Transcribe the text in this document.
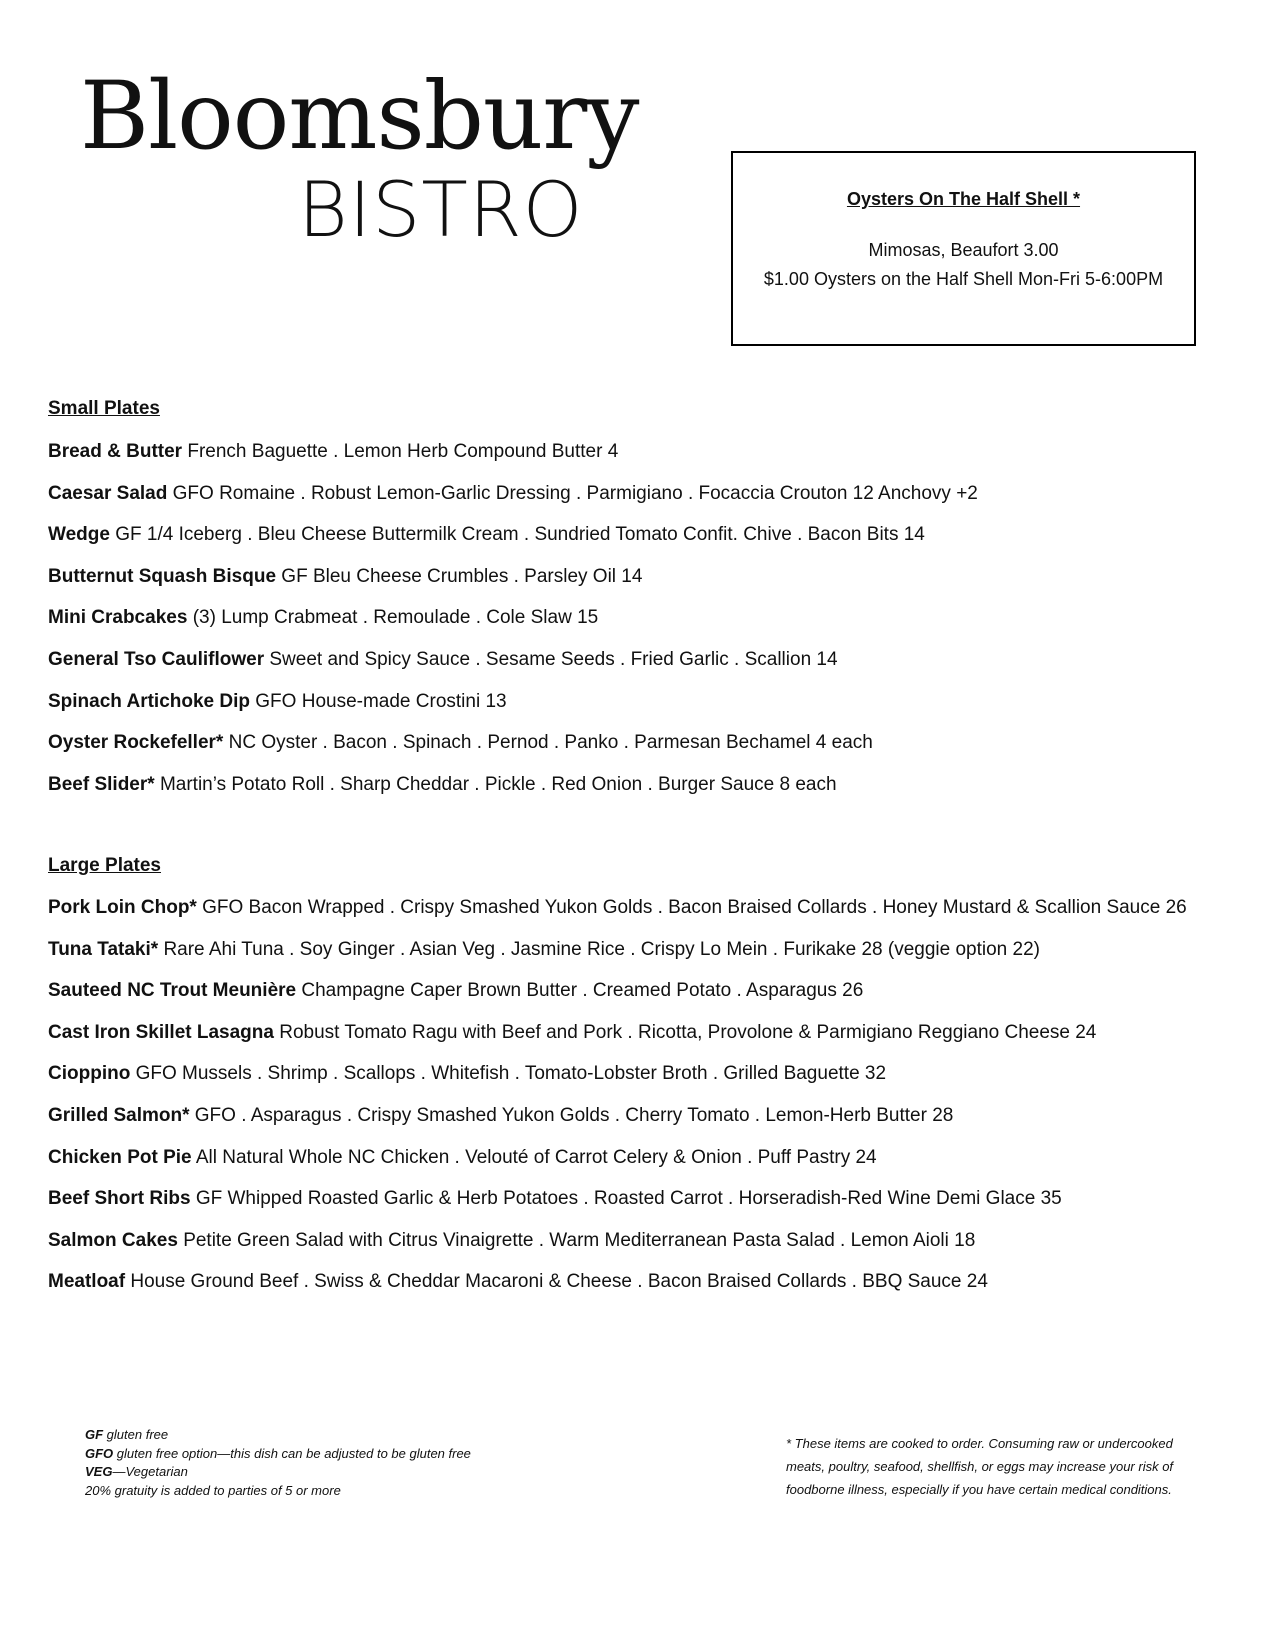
Bloomsbury
BISTRO	Oysters On The Half Shell *
Mimosas, Beaufort 3.00
$1.00 Oysters on the Half Shell Mon-Fri 5-6:00PM
Small Plates
Bread & Butter French Baguette . Lemon Herb Compound Butter 4
Caesar Salad GFO Romaine . Robust Lemon-Garlic Dressing . Parmigiano . Focaccia Crouton 12 Anchovy +2
Wedge GF 1/4 Iceberg . Bleu Cheese Buttermilk Cream . Sundried Tomato Confit. Chive . Bacon Bits 14
Butternut Squash Bisque GF Bleu Cheese Crumbles . Parsley Oil 14
Mini Crabcakes (3) Lump Crabmeat . Remoulade . Cole Slaw 15
General Tso Cauliflower Sweet and Spicy Sauce . Sesame Seeds . Fried Garlic . Scallion 14
Spinach Artichoke Dip GFO House-made Crostini 13
Oyster Rockefeller* NC Oyster . Bacon . Spinach . Pernod . Panko . Parmesan Bechamel 4 each
Beef Slider* Martin’s Potato Roll . Sharp Cheddar . Pickle . Red Onion . Burger Sauce 8 each
Large Plates
Pork Loin Chop* GFO Bacon Wrapped . Crispy Smashed Yukon Golds . Bacon Braised Collards . Honey Mustard & Scallion Sauce 26
Tuna Tataki* Rare Ahi Tuna . Soy Ginger . Asian Veg . Jasmine Rice . Crispy Lo Mein . Furikake 28 (veggie option 22)
Sauteed NC Trout Meunière Champagne Caper Brown Butter . Creamed Potato . Asparagus 26
Cast Iron Skillet Lasagna Robust Tomato Ragu with Beef and Pork . Ricotta, Provolone & Parmigiano Reggiano Cheese 24
Cioppino GFO Mussels . Shrimp . Scallops . Whitefish . Tomato-Lobster Broth . Grilled Baguette 32
Grilled Salmon* GFO . Asparagus . Crispy Smashed Yukon Golds . Cherry Tomato . Lemon-Herb Butter 28
Chicken Pot Pie All Natural Whole NC Chicken . Velouté of Carrot Celery & Onion . Puff Pastry 24
Beef Short Ribs GF Whipped Roasted Garlic & Herb Potatoes . Roasted Carrot . Horseradish-Red Wine Demi Glace 35
Salmon Cakes Petite Green Salad with Citrus Vinaigrette . Warm Mediterranean Pasta Salad . Lemon Aioli 18
Meatloaf House Ground Beef . Swiss & Cheddar Macaroni & Cheese . Bacon Braised Collards . BBQ Sauce 24
GF gluten free
GFO gluten free option—this dish can be adjusted to be gluten free
VEG—Vegetarian
20% gratuity is added to parties of 5 or more
* These items are cooked to order. Consuming raw or undercooked meats, poultry, seafood, shellfish, or eggs may increase your risk of foodborne illness, especially if you have certain medical conditions.
